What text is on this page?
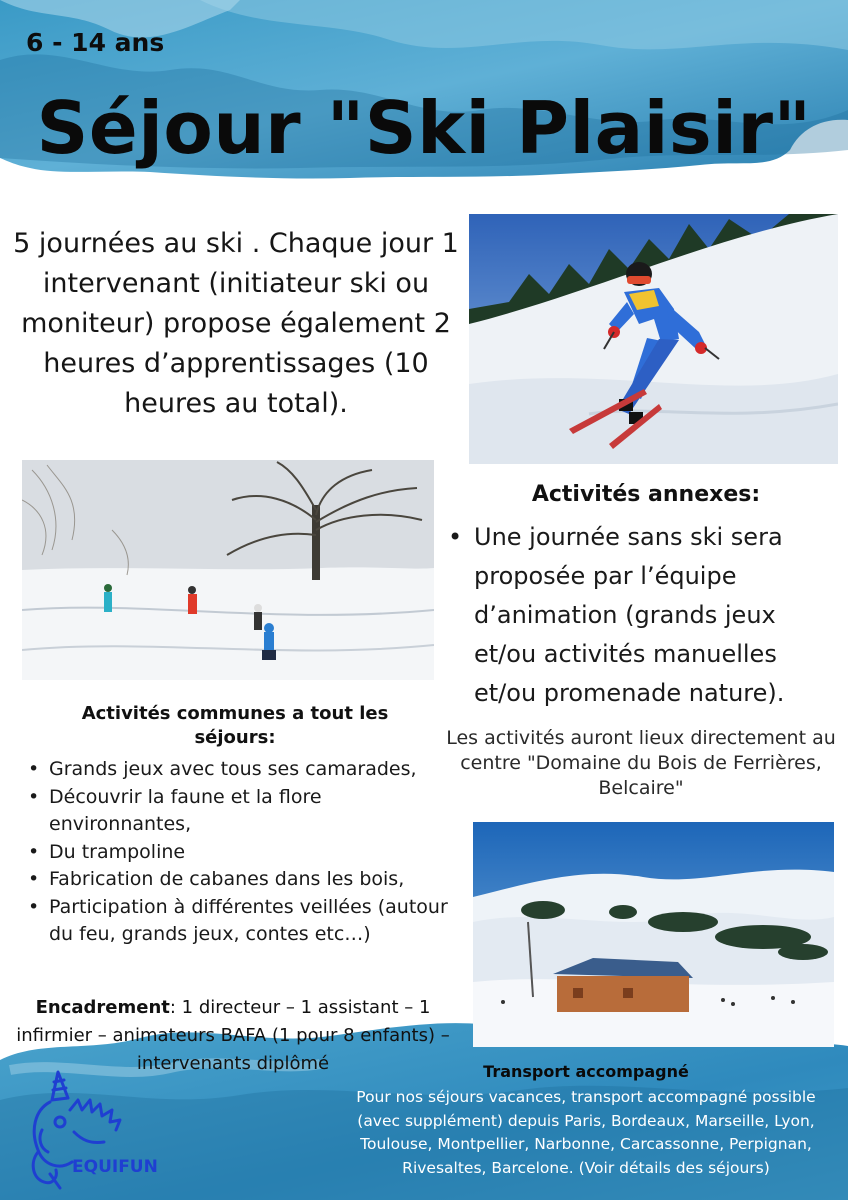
6 - 14 ans
Séjour "Ski Plaisir"
5 journées au ski . Chaque jour 1 intervenant (initiateur ski ou moniteur) propose également 2 heures d’apprentissages (10 heures au total).
Activités annexes:
• Une journée sans ski sera proposée par l’équipe d’animation (grands jeux et/ou activités manuelles et/ou promenade nature).
Les activités auront lieux directement au centre "Domaine du Bois de Ferrières, Belcaire"
Activités communes a tout les séjours:
• Grands jeux avec tous ses camarades,
• Découvrir la faune et la flore environnantes,
• Du trampoline
• Fabrication de cabanes dans les bois,
• Participation à différentes veillées (autour du feu, grands jeux, contes etc…)
Encadrement: 1 directeur – 1 assistant – 1 infirmier – animateurs BAFA (1 pour 8 enfants) – intervenants diplômé	Transport accompagné
Pour nos séjours vacances, transport accompagné possible (avec supplément) depuis Paris, Bordeaux, Marseille, Lyon, Toulouse, Montpellier, Narbonne, Carcassonne, Perpignan, Rivesaltes, Barcelone. (Voir détails des séjours)
EQUIFUN
